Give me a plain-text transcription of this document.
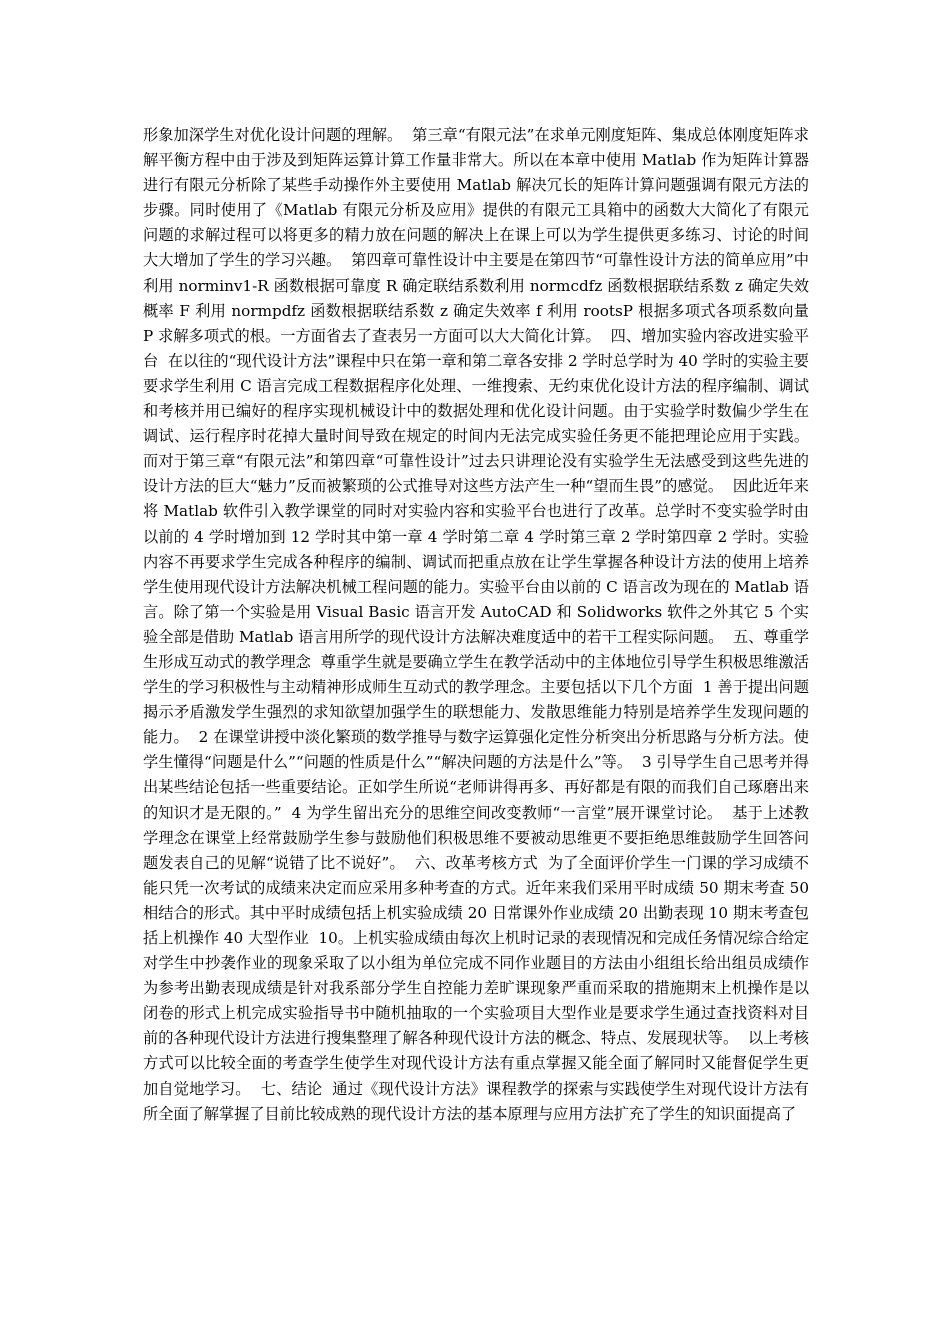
形象加深学生对优化设计问题的理解。  第三章“有限元法”在求单元刚度矩阵、集成总体刚度矩阵求解平衡方程中由于涉及到矩阵运算计算工作量非常大。所以在本章中使用 Matlab 作为矩阵计算器进行有限元分析除了某些手动操作外主要使用 Matlab 解决冗长的矩阵计算问题强调有限元方法的步骤。同时使用了《Matlab 有限元分析及应用》提供的有限元工具箱中的函数大大简化了有限元问题的求解过程可以将更多的精力放在问题的解决上在课上可以为学生提供更多练习、讨论的时间大大增加了学生的学习兴趣。  第四章可靠性设计中主要是在第四节“可靠性设计方法的简单应用”中利用 norminv1-R 函数根据可靠度 R 确定联结系数利用 normcdfz 函数根据联结系数 z 确定失效概率 F 利用 normpdfz 函数根据联结系数 z 确定失效率 f 利用 rootsP 根据多项式各项系数向量 P 求解多项式的根。一方面省去了查表另一方面可以大大简化计算。  四、增加实验内容改进实验平台  在以往的“现代设计方法”课程中只在第一章和第二章各安排 2 学时总学时为 40 学时的实验主要要求学生利用 C 语言完成工程数据程序化处理、一维搜索、无约束优化设计方法的程序编制、调试和考核并用已编好的程序实现机械设计中的数据处理和优化设计问题。由于实验学时数偏少学生在调试、运行程序时花掉大量时间导致在规定的时间内无法完成实验任务更不能把理论应用于实践。而对于第三章“有限元法”和第四章“可靠性设计”过去只讲理论没有实验学生无法感受到这些先进的设计方法的巨大“魅力”反而被繁琐的公式推导对这些方法产生一种“望而生畏”的感觉。  因此近年来将 Matlab 软件引入教学课堂的同时对实验内容和实验平台也进行了改革。总学时不变实验学时由以前的 4 学时增加到 12 学时其中第一章 4 学时第二章 4 学时第三章 2 学时第四章 2 学时。实验内容不再要求学生完成各种程序的编制、调试而把重点放在让学生掌握各种设计方法的使用上培养学生使用现代设计方法解决机械工程问题的能力。实验平台由以前的 C 语言改为现在的 Matlab 语言。除了第一个实验是用 Visual Basic 语言开发 AutoCAD 和 Solidworks 软件之外其它 5 个实验全部是借助 Matlab 语言用所学的现代设计方法解决难度适中的若干工程实际问题。  五、尊重学生形成互动式的教学理念  尊重学生就是要确立学生在教学活动中的主体地位引导学生积极思维激活学生的学习积极性与主动精神形成师生互动式的教学理念。主要包括以下几个方面  1 善于提出问题揭示矛盾激发学生强烈的求知欲望加强学生的联想能力、发散思维能力特别是培养学生发现问题的能力。  2 在课堂讲授中淡化繁琐的数学推导与数字运算强化定性分析突出分析思路与分析方法。使学生懂得“问题是什么”“问题的性质是什么”“解决问题的方法是什么”等。  3 引导学生自己思考并得出某些结论包括一些重要结论。正如学生所说“老师讲得再多、再好都是有限的而我们自己琢磨出来的知识才是无限的。”  4 为学生留出充分的思维空间改变教师“一言堂”展开课堂讨论。  基于上述教学理念在课堂上经常鼓励学生参与鼓励他们积极思维不要被动思维更不要拒绝思维鼓励学生回答问题发表自己的见解“说错了比不说好”。  六、改革考核方式  为了全面评价学生一门课的学习成绩不能只凭一次考试的成绩来决定而应采用多种考查的方式。近年来我们采用平时成绩 50 期末考查 50 相结合的形式。其中平时成绩包括上机实验成绩 20 日常课外作业成绩 20 出勤表现 10 期末考查包括上机操作 40 大型作业  10。上机实验成绩由每次上机时记录的表现情况和完成任务情况综合给定对学生中抄袭作业的现象采取了以小组为单位完成不同作业题目的方法由小组组长给出组员成绩作为参考出勤表现成绩是针对我系部分学生自控能力差旷课现象严重而采取的措施期末上机操作是以闭卷的形式上机完成实验指导书中随机抽取的一个实验项目大型作业是要求学生通过查找资料对目前的各种现代设计方法进行搜集整理了解各种现代设计方法的概念、特点、发展现状等。  以上考核方式可以比较全面的考查学生使学生对现代设计方法有重点掌握又能全面了解同时又能督促学生更加自觉地学习。  七、结论  通过《现代设计方法》课程教学的探索与实践使学生对现代设计方法有所全面了解掌握了目前比较成熟的现代设计方法的基本原理与应用方法扩充了学生的知识面提高了
